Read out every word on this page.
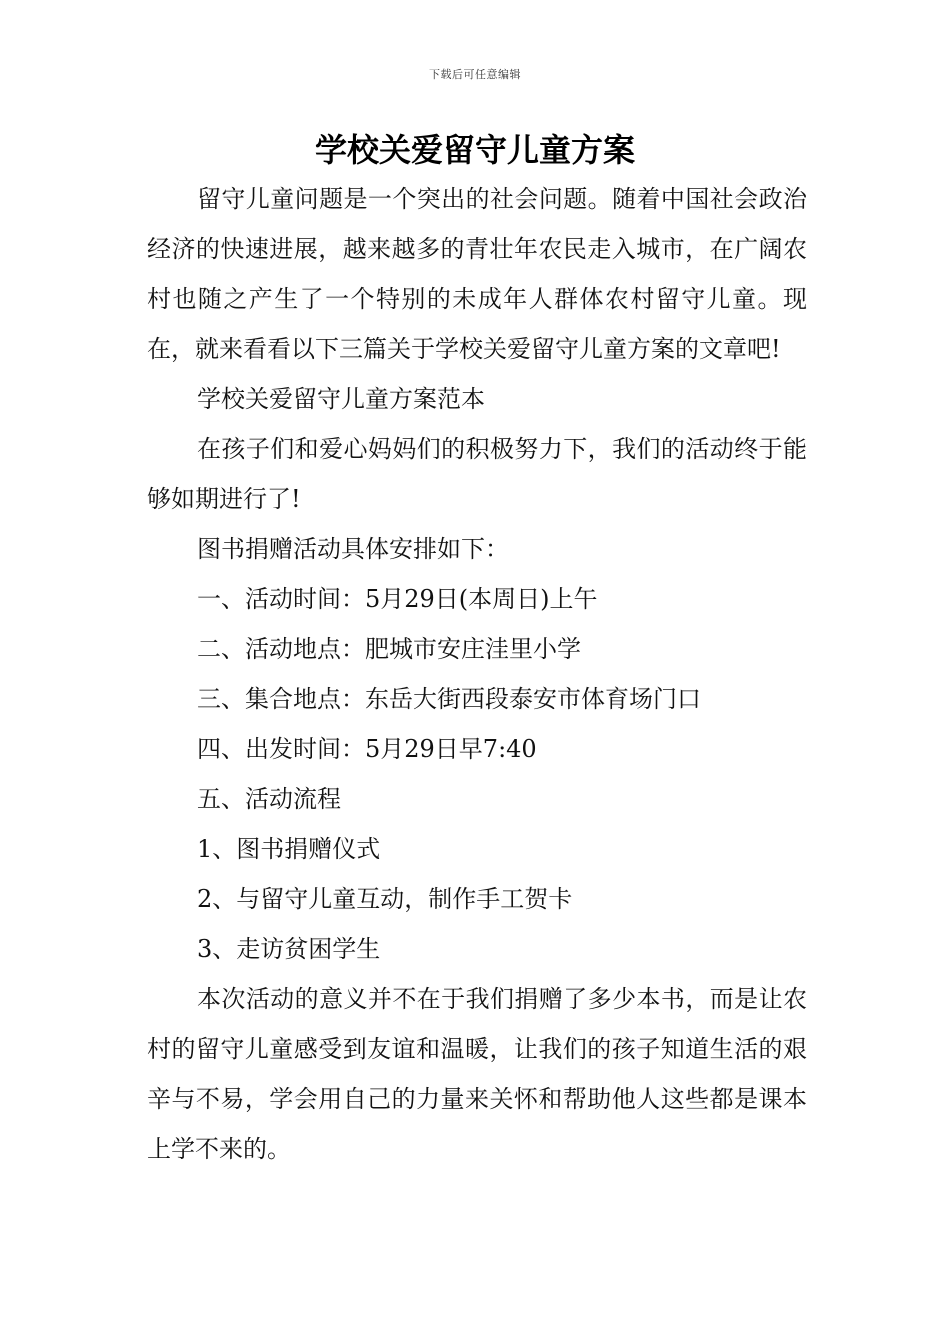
下载后可任意编辑
学校关爱留守儿童方案

留守儿童问题是一个突出的社会问题。随着中国社会政治经济的快速进展，越来越多的青壮年农民走入城市，在广阔农村也随之产生了一个特别的未成年人群体农村留守儿童。现在，就来看看以下三篇关于学校关爱留守儿童方案的文章吧!

学校关爱留守儿童方案范本

在孩子们和爱心妈妈们的积极努力下，我们的活动终于能够如期进行了!

图书捐赠活动具体安排如下：

一、活动时间：5月29日(本周日)上午

二、活动地点：肥城市安庄洼里小学

三、集合地点：东岳大街西段泰安市体育场门口

四、出发时间：5月29日早7:40

五、活动流程

1、图书捐赠仪式

2、与留守儿童互动，制作手工贺卡

3、走访贫困学生

本次活动的意义并不在于我们捐赠了多少本书，而是让农村的留守儿童感受到友谊和温暖，让我们的孩子知道生活的艰辛与不易，学会用自己的力量来关怀和帮助他人这些都是课本上学不来的。
